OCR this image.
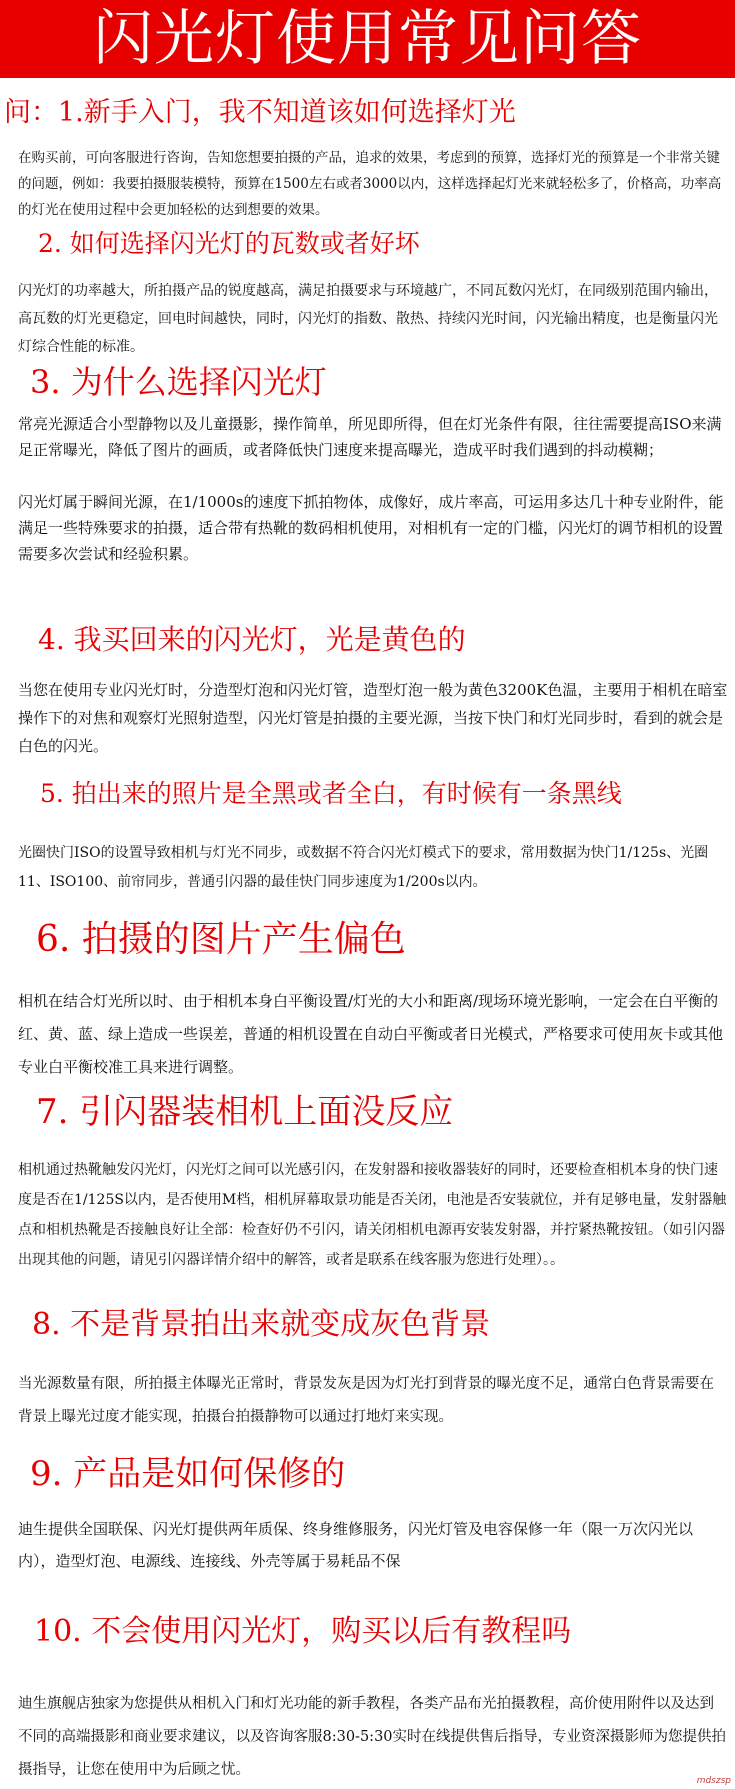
闪光灯使用常见问答

问：1.新手入门，我不知道该如何选择灯光

在购买前，可向客服进行咨询，告知您想要拍摄的产品，追求的效果，考虑到的预算，选择灯光的预算是一个非常关键的问题，例如：我要拍摄服装模特，预算在1500左右或者3000以内，这样选择起灯光来就轻松多了，价格高，功率高的灯光在使用过程中会更加轻松的达到想要的效果。

2. 如何选择闪光灯的瓦数或者好坏

闪光灯的功率越大，所拍摄产品的锐度越高，满足拍摄要求与环境越广，不同瓦数闪光灯，在同级别范围内输出，高瓦数的灯光更稳定，回电时间越快，同时，闪光灯的指数、散热、持续闪光时间，闪光输出精度，也是衡量闪光灯综合性能的标准。

3. 为什么选择闪光灯

常亮光源适合小型静物以及儿童摄影，操作简单，所见即所得，但在灯光条件有限，往往需要提高ISO来满足正常曝光，降低了图片的画质，或者降低快门速度来提高曝光，造成平时我们遇到的抖动模糊；

闪光灯属于瞬间光源，在1/1000s的速度下抓拍物体，成像好，成片率高，可运用多达几十种专业附件，能满足一些特殊要求的拍摄，适合带有热靴的数码相机使用，对相机有一定的门槛，闪光灯的调节相机的设置需要多次尝试和经验积累。

4. 我买回来的闪光灯，光是黄色的

当您在使用专业闪光灯时，分造型灯泡和闪光灯管，造型灯泡一般为黄色3200K色温，主要用于相机在暗室操作下的对焦和观察灯光照射造型，闪光灯管是拍摄的主要光源，当按下快门和灯光同步时，看到的就会是白色的闪光。

5. 拍出来的照片是全黑或者全白，有时候有一条黑线

光圈快门ISO的设置导致相机与灯光不同步，或数据不符合闪光灯模式下的要求，常用数据为快门1/125s、光圈11、ISO100、前帘同步，普通引闪器的最佳快门同步速度为1/200s以内。

6. 拍摄的图片产生偏色

相机在结合灯光所以时、由于相机本身白平衡设置/灯光的大小和距离/现场环境光影响，一定会在白平衡的红、黄、蓝、绿上造成一些误差，普通的相机设置在自动白平衡或者日光模式，严格要求可使用灰卡或其他专业白平衡校准工具来进行调整。

7. 引闪器装相机上面没反应

相机通过热靴触发闪光灯，闪光灯之间可以光感引闪，在发射器和接收器装好的同时，还要检查相机本身的快门速度是否在1/125S以内，是否使用M档，相机屏幕取景功能是否关闭，电池是否安装就位，并有足够电量，发射器触点和相机热靴是否接触良好让全部：检查好仍不引闪，请关闭相机电源再安装发射器，并拧紧热靴按钮。（如引闪器出现其他的问题，请见引闪器详情介绍中的解答，或者是联系在线客服为您进行处理）。。

8. 不是背景拍出来就变成灰色背景

当光源数量有限，所拍摄主体曝光正常时，背景发灰是因为灯光打到背景的曝光度不足，通常白色背景需要在背景上曝光过度才能实现，拍摄台拍摄静物可以通过打地灯来实现。

9. 产品是如何保修的

迪生提供全国联保、闪光灯提供两年质保、终身维修服务，闪光灯管及电容保修一年（限一万次闪光以内），造型灯泡、电源线、连接线、外壳等属于易耗品不保

10. 不会使用闪光灯，购买以后有教程吗

迪生旗舰店独家为您提供从相机入门和灯光功能的新手教程，各类产品布光拍摄教程，高价使用附件以及达到不同的高端摄影和商业要求建议，以及咨询客服8:30-5:30实时在线提供售后指导，专业资深摄影师为您提供拍摄指导，让您在使用中为后顾之忧。

mdszsp
